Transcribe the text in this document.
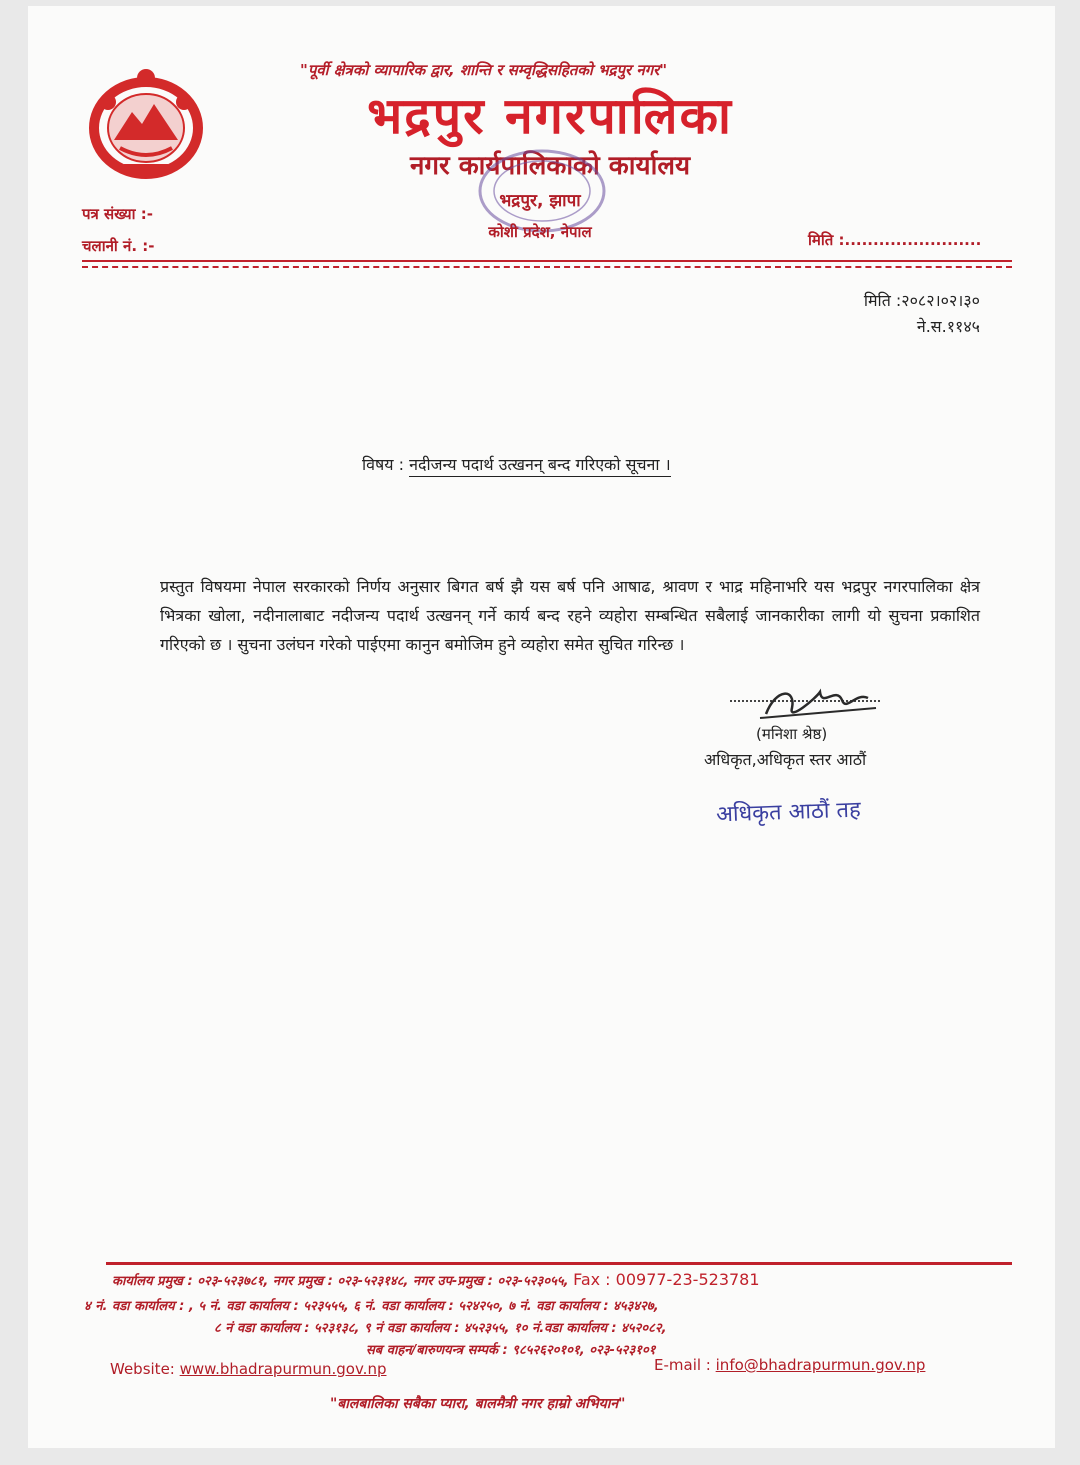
"पूर्वी क्षेत्रको व्यापारिक द्वार, शान्ति र सम्वृद्धिसहितको भद्रपुर नगर"
भद्रपुर नगरपालिका
नगर कार्यपालिकाको कार्यालय
भद्रपुर, झापा
कोशी प्रदेश, नेपाल
पत्र संख्या :-
चलानी नं. :-	मिति :........................
मिति :२०८२।०२।३०
ने.स.११४५
विषय : नदीजन्य पदार्थ उत्खनन् बन्द गरिएको सूचना ।
प्रस्तुत विषयमा नेपाल सरकारको निर्णय अनुसार बिगत बर्ष झै यस बर्ष पनि आषाढ, श्रावण र भाद्र महिनाभरि यस भद्रपुर नगरपालिका क्षेत्र भित्रका खोला, नदीनालाबाट नदीजन्य पदार्थ उत्खनन् गर्ने कार्य बन्द रहने व्यहोरा सम्बन्धित सबैलाई जानकारीका लागी यो सुचना प्रकाशित गरिएको छ । सुचना उलंघन गरेको पाईएमा कानुन बमोजिम हुने व्यहोरा समेत सुचित गरिन्छ ।
(मनिशा श्रेष्ठ)
अधिकृत,अधिकृत स्तर आठौं
अधिकृत आठौं तह
कार्यालय प्रमुख : ०२३-५२३७८१, नगर प्रमुख : ०२३-५२३१४८, नगर उप-प्रमुख : ०२३-५२३०५५, Fax : 00977-23-523781
४ नं. वडा कार्यालय : , ५ नं. वडा कार्यालय : ५२३५५५, ६ नं. वडा कार्यालय : ५२४२५०, ७ नं. वडा कार्यालय : ४५३४२७,
८ नं वडा कार्यालय : ५२३१३८, ९ नं वडा कार्यालय : ४५२३५५, १० नं.वडा कार्यालय : ४५२०८२,
सब वाहन/बारुणयन्त्र सम्पर्क : ९८५२६२०१०१, ०२३-५२३१०१
Website: www.bhadrapurmun.gov.np	E-mail : info@bhadrapurmun.gov.np
"बालबालिका सबैका प्यारा, बालमैत्री नगर हाम्रो अभियान"
